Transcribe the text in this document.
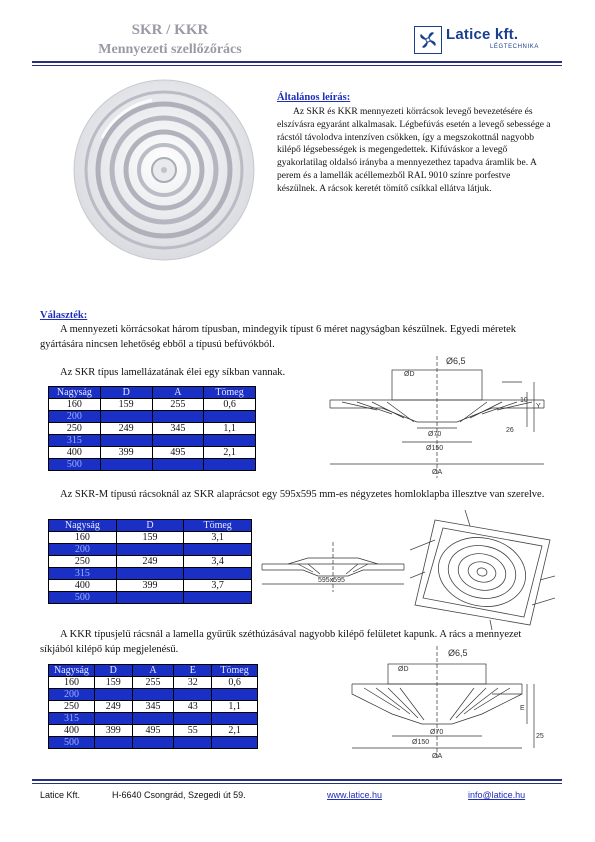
SKR / KKR
Mennyezeti szellőzőrács
Latice kft.
LÉGTECHNIKA
Általános leírás:
Az SKR és KKR mennyezeti körrácsok levegő bevezetésére és elszívásra egyaránt alkalmasak. Légbefúvás esetén a levegő sebessége a rácstól távolodva intenzíven csökken, így a megszokottnál nagyobb kilépő légsebességek is megengedettek. Kifúváskor a levegő gyakorlatilag oldalsó irányba a mennyezethez tapadva áramlik be. A perem és a lamellák acéllemezből RAL 9010 színre porfestve készülnek. A rácsok keretét tömítő csíkkal ellátva látjuk.
Választék:
A mennyezeti körrácsokat három típusban, mindegyik típust 6 méret nagyságban készülnek. Egyedi méretek gyártására nincsen lehetőség ebből a típusú befúvókból.
Az SKR típus lamellázatának élei egy síkban vannak.
Nagyság	D	A	Tömeg
160	159	255	0,6
200			
250	249	345	1,1
315			
400	399	495	2,1
500			
ØD
Ø6,5
Ø70
Ø150
ØA
10
26
Y
Az SKR-M típusú rácsoknál az SKR alaprácsot egy 595x595 mm-es négyzetes homloklapba illesztve van szerelve.
Nagyság	D	Tömeg
160	159	3,1
200		
250	249	3,4
315		
400	399	3,7
500		
595x595
A KKR típusjelű rácsnál a lamella gyűrűk széthúzásával nagyobb kilépő felületet kapunk. A rács a mennyezet síkjából kilépő kúp megjelenésű.
Nagyság	D	A	E	Tömeg
160	159	255	32	0,6
200				
250	249	345	43	1,1
315				
400	399	495	55	2,1
500				
ØD
Ø6,5
Ø70
Ø150
ØA
E
25
Latice Kft.	H-6640 Csongrád, Szegedi út 59.	www.latice.hu	info@latice.hu
